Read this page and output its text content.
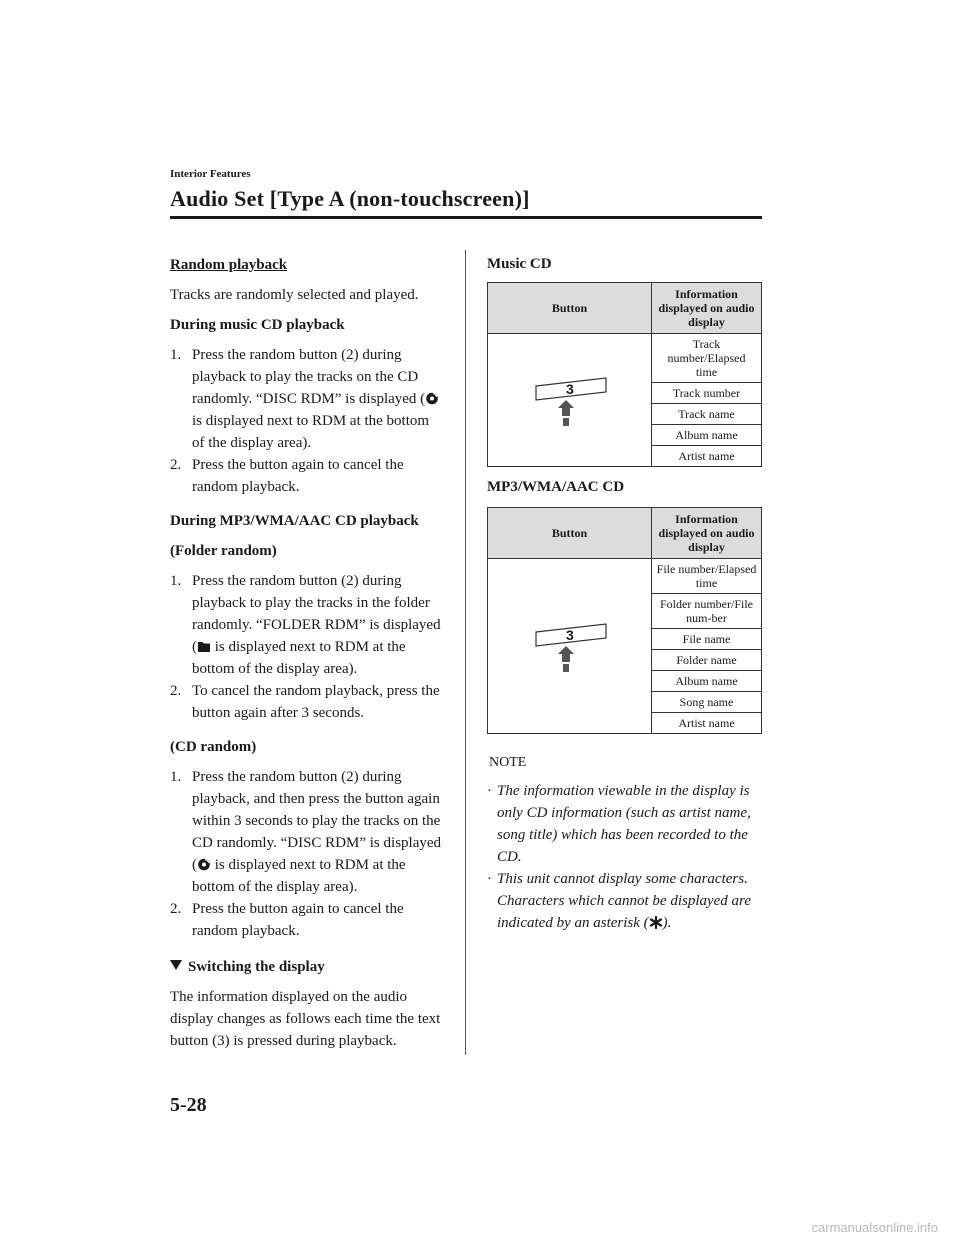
Interior Features
Audio Set [Type A (non-touchscreen)]

Random playback

Tracks are randomly selected and played.

During music CD playback

1. Press the random button (2) during playback to play the tracks on the CD randomly. “DISC RDM” is displayed ( is displayed next to RDM at the bottom of the display area).
2. Press the button again to cancel the random playback.

During MP3/WMA/AAC CD playback

(Folder random)

1. Press the random button (2) during playback to play the tracks in the folder randomly. “FOLDER RDM” is displayed ( is displayed next to RDM at the bottom of the display area).
2. To cancel the random playback, press the button again after 3 seconds.

(CD random)

1. Press the random button (2) during playback, and then press the button again within 3 seconds to play the tracks on the CD randomly. “DISC RDM” is displayed ( is displayed next to RDM at the bottom of the display area).
2. Press the button again to cancel the random playback.

Switching the display

The information displayed on the audio display changes as follows each time the text button (3) is pressed during playback.

Music CD

Button	Information displayed on audio display

3	Track number/Elapsed time
	Track number
	Track name
	Album name
	Artist name

MP3/WMA/AAC CD

Button	Information displayed on audio display

3	File number/Elapsed time
	Folder number/File num-ber
	File name
	Folder name
	Album name
	Song name
	Artist name

NOTE

· The information viewable in the display is only CD information (such as artist name, song title) which has been recorded to the CD.

· This unit cannot display some characters. Characters which cannot be displayed are indicated by an asterisk ( ).

5-28
carmanualsonline.info
